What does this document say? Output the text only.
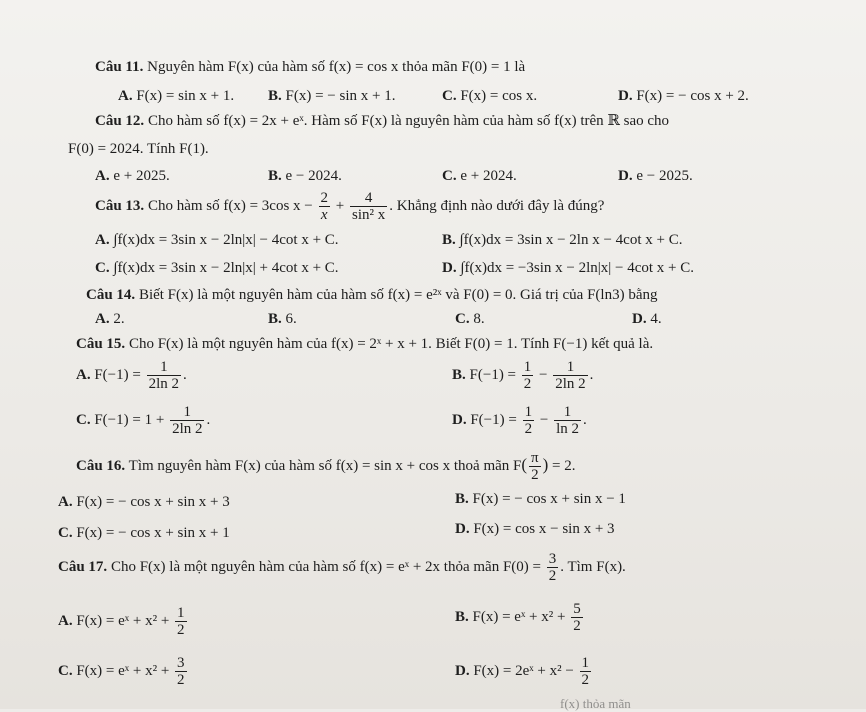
Câu 11. Nguyên hàm F(x) của hàm số f(x) = cos x thỏa mãn F(0) = 1 là
A. F(x) = sin x + 1. B. F(x) = − sin x + 1.	C. F(x) = cos x.	D. F(x) = − cos x + 2.
Câu 12. Cho hàm số f(x) = 2x + eˣ. Hàm số F(x) là nguyên hàm của hàm số f(x) trên ℝ sao cho
F(0) = 2024. Tính F(1).
A. e + 2025.	B. e − 2024.	C. e + 2024.	D. e − 2025.
Câu 13. Cho hàm số f(x) = 3cos $x - \frac{2}{x} + \frac{4}{\text{sin² x}}$ . Khẳng định nào dưới đây là đúng?
A. ∫f(x)dx = 3sin x − 2ln|x| − 4cot x + C.	B. ∫f(x)dx = 3sin x − 2ln x − 4cot x + C.
C. ∫f(x)dx = 3sin x − 2ln|x| + 4cot x + C.	D. ∫f(x)dx = −3sin x − 2ln|x| − 4cot x + C.
Câu 14. Biết F(x) là một nguyên hàm của hàm số f(x) = e²ˣ và F(0) = 0. Giá trị của F(ln3) bằng
A. 2.	B. 6.	C. 8.	D. 4.
Câu 15. Cho F(x) là một nguyên hàm của f(x) = 2ˣ + x + 1. Biết F(0) = 1. Tính F(−1) kết quả là.
A. $F(-1) = \frac{1}{2\ln 2}$ .	B. $F(-1) = \frac{1}{2} - \frac{1}{2\ln 2}$ .
C. $F(-1) = 1 + \frac{1}{2\ln 2}$ .	D. $F(-1) = \frac{1}{2} - \frac{1}{\ln 2}$ .
Câu 16. Tìm nguyên hàm F(x) của hàm số f(x) = sin x + cos x thoả mãn $F( \frac{\pi}{2}$ ) = 2.
A. F(x) = − cos x + sin x + 3	B. F(x) = − cos x + sin x − 1
C. F(x) = − cos x + sin x + 1	D. F(x) = cos x − sin x + 3
Câu 17. Cho F(x) là một nguyên hàm của hàm số f(x) = eˣ + 2x thỏa mãn $F(0) = \frac{3}{2}$ . Tìm F(x).
A. F(x) = eˣ + $x^2 + \frac{1}{2}$	B. F(x) = eˣ + $x^2 + \frac{5}{2}$
C. F(x) = eˣ + $x^2 + \frac{3}{2}$	D. F(x) = 2eˣ + $x^2 - \frac{1}{2}$
f(x) thỏa mãn
